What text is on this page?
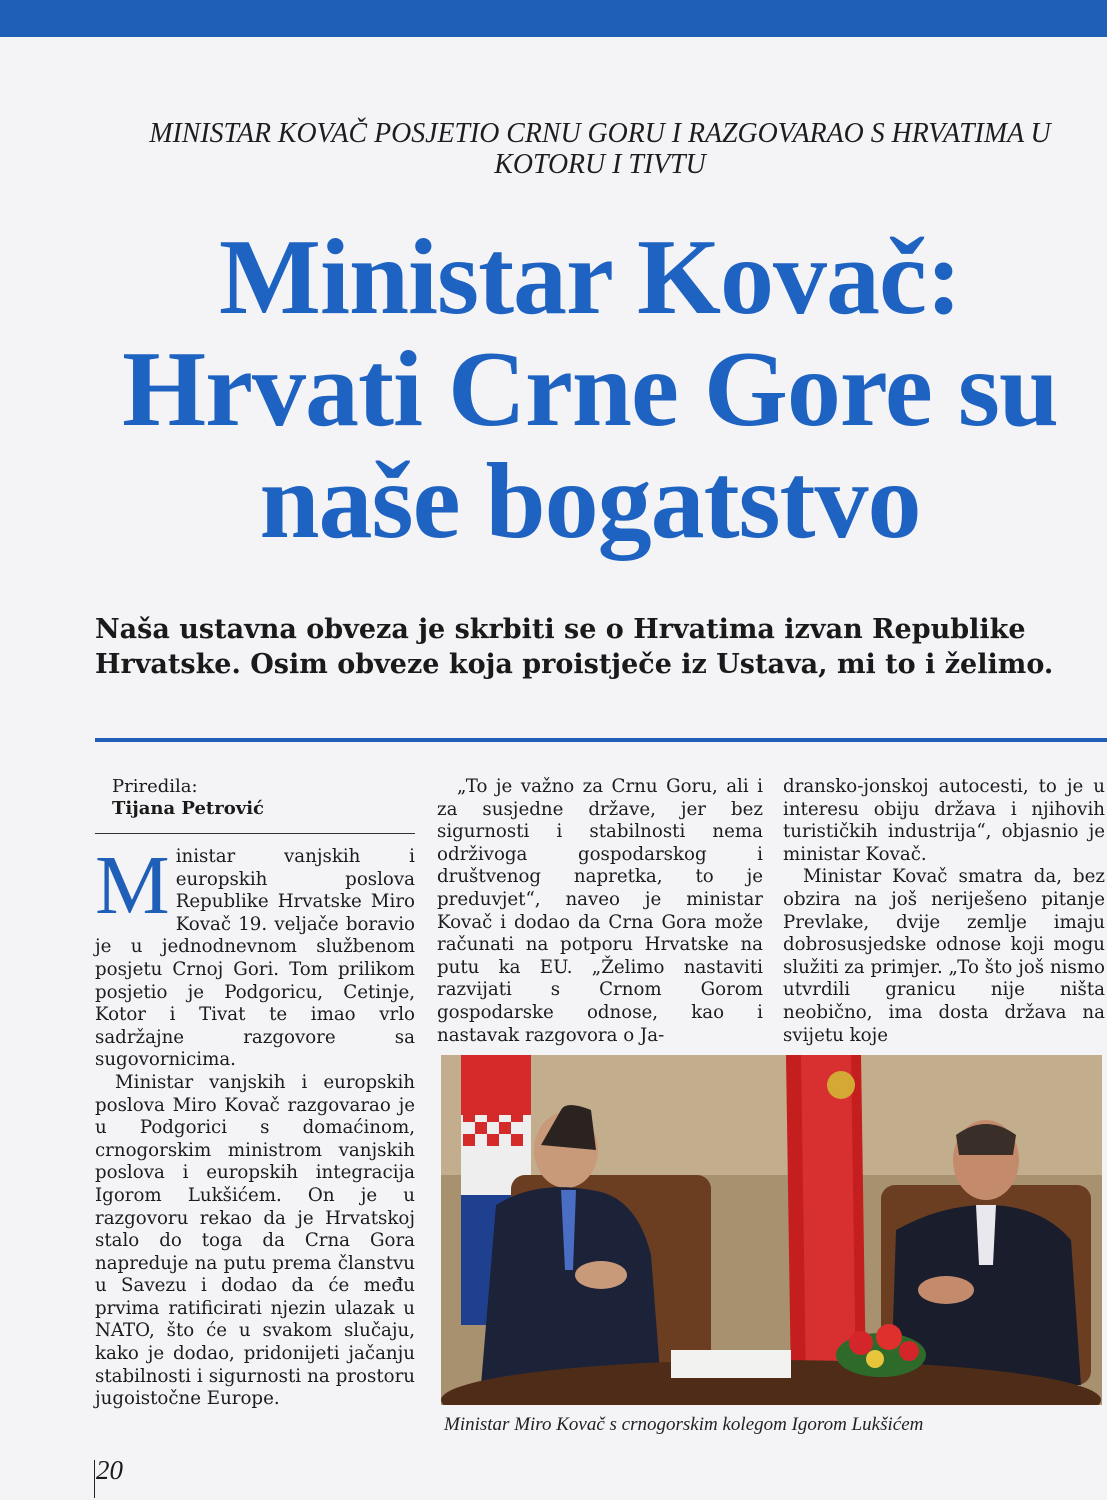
MINISTAR KOVAČ POSJETIO CRNU GORU I RAZGOVARAO S HRVATIMA U KOTORU I TIVTU
Ministar Kovač:
Hrvati Crne Gore su
naše bogatstvo
Naša ustavna obveza je skrbiti se o Hrvatima izvan Republike Hrvatske. Osim obveze koja proistječe iz Ustava, mi to i želimo.
Priredila:
Tijana Petrović

Ministar vanjskih i europskih poslova Republike Hrvatske Miro Kovač 19. veljače boravio je u jednodnevnom službenom posjetu Crnoj Gori. Tom prilikom posjetio je Podgoricu, Cetinje, Kotor i Tivat te imao vrlo sadržajne razgovore sa sugovornicima.

Ministar vanjskih i europskih poslova Miro Kovač razgovarao je u Podgorici s domaćinom, crnogorskim ministrom vanjskih poslova i europskih integracija Igorom Lukšićem. On je u razgovoru rekao da je Hrvatskoj stalo do toga da Crna Gora napreduje na putu prema članstvu u Savezu i dodao da će među prvima ratificirati njezin ulazak u NATO, što će u svakom slučaju, kako je dodao, pridonijeti jačanju stabilnosti i sigurnosti na prostoru jugoistočne Europe.

„To je važno za Crnu Goru, ali i za susjedne države, jer bez sigurnosti i stabilnosti nema održivoga gospodarskog i društvenog napretka, to je preduvjet“, naveo je ministar Kovač i dodao da Crna Gora može računati na potporu Hrvatske na putu ka EU. „Želimo nastaviti razvijati s Crnom Gorom gospodarske odnose, kao i nastavak razgovora o Ja-

dransko-jonskoj autocesti, to je u interesu obiju država i njihovih turističkih industrija“, objasnio je ministar Kovač.

Ministar Kovač smatra da, bez obzira na još neriješeno pitanje Prevlake, dvije zemlje imaju dobrosusjedske odnose koji mogu služiti za primjer. „To što još nismo utvrdili granicu nije ništa neobično, ima dosta država na svijetu koje

Ministar Miro Kovač s crnogorskim kolegom Igorom Lukšićem
20
